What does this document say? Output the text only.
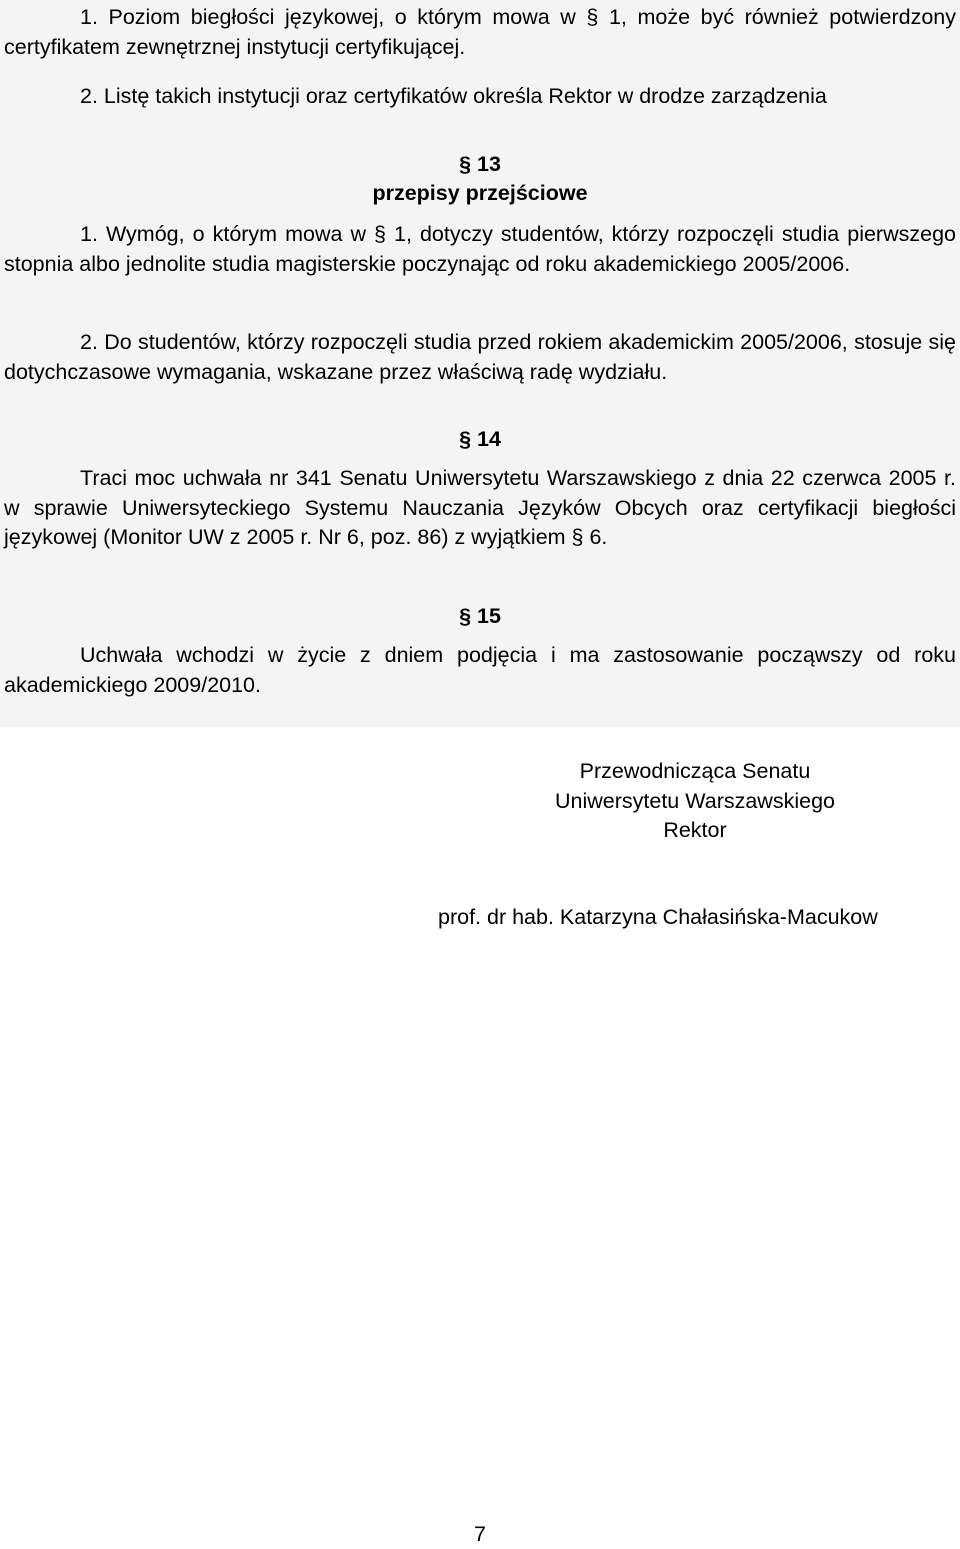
1. Poziom biegłości językowej, o którym mowa w § 1, może być również potwierdzony certyfikatem zewnętrznej instytucji certyfikującej.

2. Listę takich instytucji oraz certyfikatów określa Rektor w drodze zarządzenia

§ 13
przepisy przejściowe

1. Wymóg, o którym mowa w § 1, dotyczy studentów, którzy rozpoczęli studia pierwszego stopnia albo jednolite studia magisterskie poczynając od roku akademickiego 2005/2006.

2. Do studentów, którzy rozpoczęli studia przed rokiem akademickim 2005/2006, stosuje się dotychczasowe wymagania, wskazane przez właściwą radę wydziału.

§ 14

Traci moc uchwała nr 341 Senatu Uniwersytetu Warszawskiego z dnia 22 czerwca 2005 r. w sprawie Uniwersyteckiego Systemu Nauczania Języków Obcych oraz certyfikacji biegłości językowej (Monitor UW z 2005 r. Nr 6, poz. 86) z wyjątkiem § 6.

§ 15

Uchwała wchodzi w życie z dniem podjęcia i ma zastosowanie począwszy od roku akademickiego 2009/2010.

Przewodnicząca Senatu
Uniwersytetu Warszawskiego
Rektor
prof. dr hab. Katarzyna Chałasińska-Macukow
7
